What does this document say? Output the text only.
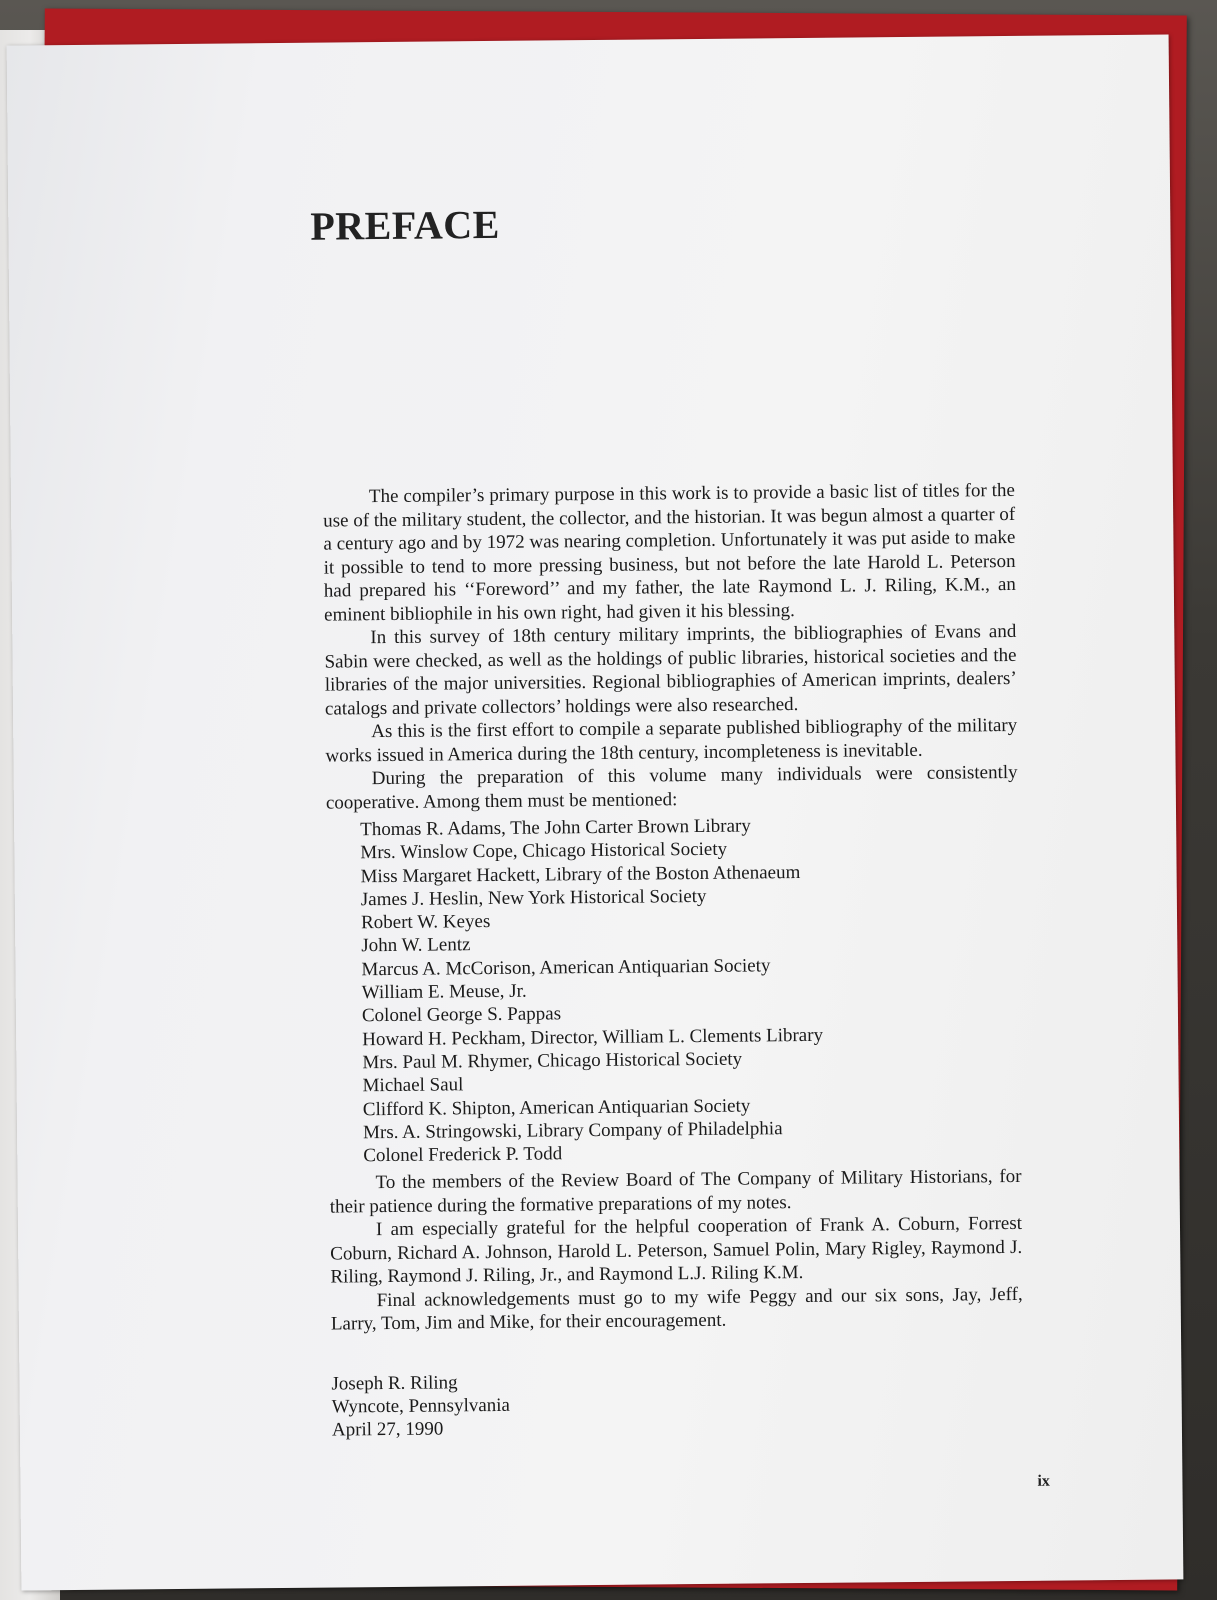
PREFACE

The compiler’s primary purpose in this work is to provide a basic list of titles for the use of the military student, the collector, and the historian. It was begun almost a quarter of a century ago and by 1972 was nearing completion. Unfortunately it was put aside to make it possible to tend to more pressing business, but not before the late Harold L. Peterson had prepared his ‘‘Foreword’’ and my father, the late Raymond L. J. Riling, K.M., an eminent bibliophile in his own right, had given it his blessing.

In this survey of 18th century military imprints, the bibliographies of Evans and Sabin were checked, as well as the holdings of public libraries, historical societies and the libraries of the major universities. Regional bibliographies of American imprints, dealers’ catalogs and private collectors’ holdings were also researched.

As this is the first effort to compile a separate published bibliography of the military works issued in America during the 18th century, incompleteness is inevitable.

During the preparation of this volume many individuals were consistently cooperative. Among them must be mentioned:

Thomas R. Adams, The John Carter Brown Library
Mrs. Winslow Cope, Chicago Historical Society
Miss Margaret Hackett, Library of the Boston Athenaeum
James J. Heslin, New York Historical Society
Robert W. Keyes
John W. Lentz
Marcus A. McCorison, American Antiquarian Society
William E. Meuse, Jr.
Colonel George S. Pappas
Howard H. Peckham, Director, William L. Clements Library
Mrs. Paul M. Rhymer, Chicago Historical Society
Michael Saul
Clifford K. Shipton, American Antiquarian Society
Mrs. A. Stringowski, Library Company of Philadelphia
Colonel Frederick P. Todd

To the members of the Review Board of The Company of Military Historians, for their patience during the formative preparations of my notes.

I am especially grateful for the helpful cooperation of Frank A. Coburn, Forrest Coburn, Richard A. Johnson, Harold L. Peterson, Samuel Polin, Mary Rigley, Raymond J. Riling, Raymond J. Riling, Jr., and Raymond L.J. Riling K.M.

Final acknowledgements must go to my wife Peggy and our six sons, Jay, Jeff, Larry, Tom, Jim and Mike, for their encouragement.

Joseph R. Riling
Wyncote, Pennsylvania
April 27, 1990
ix
